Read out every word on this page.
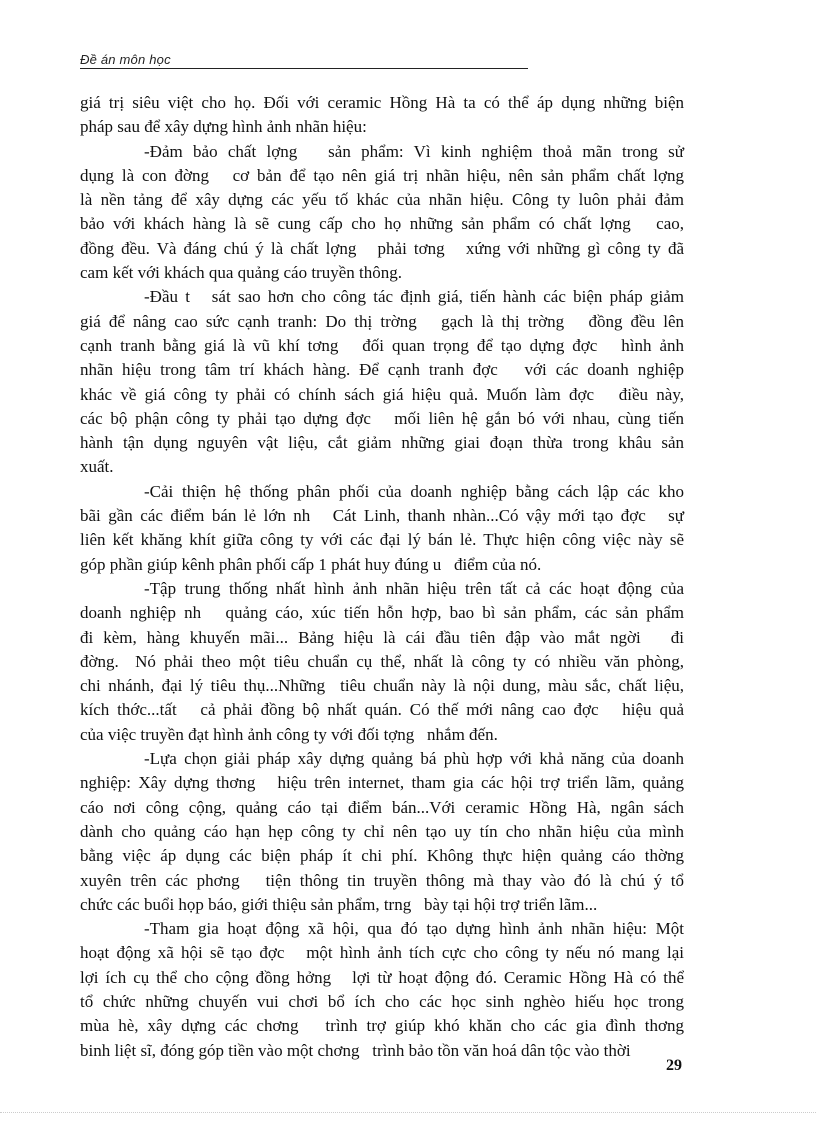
Đề án môn học
giá trị siêu việt cho họ. Đối với ceramic Hồng Hà ta có thể áp dụng những biện
pháp sau để xây dựng hình ảnh nhãn hiệu:
-Đảm bảo chất lợng   sản phẩm: Vì kinh nghiệm thoả mãn trong sử
dụng là con đờng   cơ bản để tạo nên giá trị nhãn hiệu, nên sản phẩm chất lợng
là nền tảng để xây dựng các yếu tố khác của nhãn hiệu. Công ty luôn phải đảm
bảo với khách hàng là sẽ cung cấp cho họ những sản phẩm có chất lợng   cao,
đồng đều. Và đáng chú ý là chất lợng   phải tơng   xứng với những gì công ty đã
cam kết với khách qua quảng cáo truyền thông.
-Đầu t   sát sao hơn cho công tác định giá, tiến hành các biện pháp giảm
giá để nâng cao sức cạnh tranh: Do thị trờng   gạch là thị trờng   đồng đều lên
cạnh tranh bằng giá là vũ khí tơng   đối quan trọng để tạo dựng đợc   hình ảnh
nhãn hiệu trong tâm trí khách hàng. Để cạnh tranh đợc   với các doanh nghiệp
khác về giá công ty phải có chính sách giá hiệu quả. Muốn làm đợc   điều này,
các bộ phận công ty phải tạo dựng đợc   mối liên hệ gắn bó với nhau, cùng tiến
hành tận dụng nguyên vật liệu, cắt giảm những giai đoạn thừa trong khâu sản
xuất.
-Cải thiện hệ thống phân phối của doanh nghiệp bằng cách lập các kho
bãi gần các điểm bán lẻ lớn nh   Cát Linh, thanh nhàn...Có vậy mới tạo đợc   sự
liên kết khăng khít giữa công ty với các đại lý bán lẻ. Thực hiện công việc này sẽ
góp phần giúp kênh phân phối cấp 1 phát huy đúng u   điểm của nó.
-Tập trung thống nhất hình ảnh nhãn hiệu trên tất cả các hoạt động của
doanh nghiệp nh   quảng cáo, xúc tiến hỗn hợp, bao bì sản phẩm, các sản phẩm
đi kèm, hàng khuyến mãi... Bảng hiệu là cái đầu tiên đập vào mắt ngời   đi
đờng.  Nó phải theo một tiêu chuẩn cụ thể, nhất là công ty có nhiều văn phòng,
chi nhánh, đại lý tiêu thụ...Những  tiêu chuẩn này là nội dung, màu sắc, chất liệu,
kích thớc...tất   cả phải đồng bộ nhất quán. Có thế mới nâng cao đợc   hiệu quả
của việc truyền đạt hình ảnh công ty với đối tợng   nhắm đến.
-Lựa chọn giải pháp xây dựng quảng bá phù hợp với khả năng của doanh
nghiệp: Xây dựng thơng   hiệu trên internet, tham gia các hội trợ triển lãm, quảng
cáo nơi công cộng, quảng cáo tại điểm bán...Với ceramic Hồng Hà, ngân sách
dành cho quảng cáo hạn hẹp công ty chỉ nên tạo uy tín cho nhãn hiệu của mình
bằng việc áp dụng các biện pháp ít chi phí. Không thực hiện quảng cáo thờng
xuyên trên các phơng   tiện thông tin truyền thông mà thay vào đó là chú ý tổ
chức các buổi họp báo, giới thiệu sản phẩm, trng   bày tại hội trợ triển lãm...
-Tham gia hoạt động xã hội, qua đó tạo dựng hình ảnh nhãn hiệu: Một
hoạt động xã hội sẽ tạo đợc   một hình ảnh tích cực cho công ty nếu nó mang lại
lợi ích cụ thể cho cộng đồng hởng   lợi từ hoạt động đó. Ceramic Hồng Hà có thể
tổ chức những chuyến vui chơi bổ ích cho các học sinh nghèo hiếu học trong
mùa hè, xây dựng các chơng   trình trợ giúp khó khăn cho các gia đình thơng
binh liệt sĩ, đóng góp tiền vào một chơng   trình bảo tồn văn hoá dân tộc vào thời
29
